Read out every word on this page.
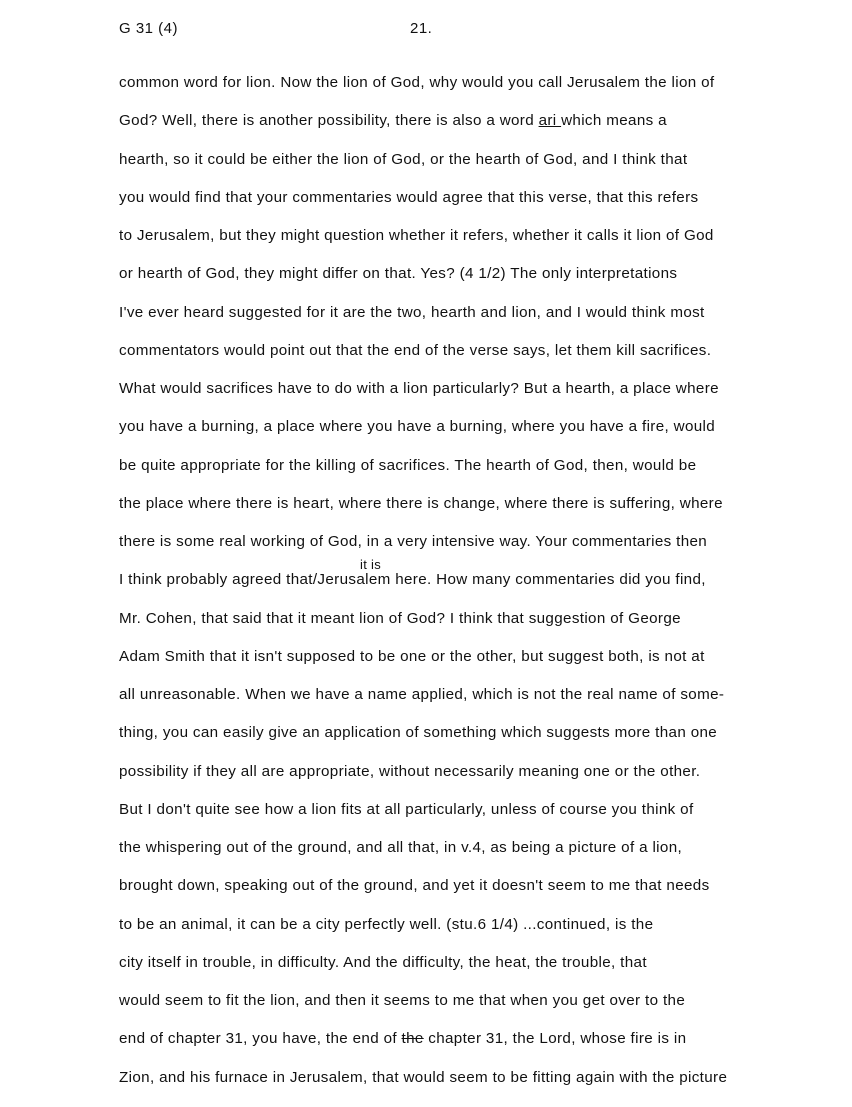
G 31 (4)	21.
common word for lion. Now the lion of God, why would you call Jerusalem the lion of
God? Well, there is another possibility, there is also a word ari which means a
hearth, so it could be either the lion of God, or the hearth of God, and I think that
you would find that your commentaries would agree that this verse, that this refers
to Jerusalem, but they might question whether it refers, whether it calls it lion of God
or hearth of God, they might differ on that. Yes? (4 1/2) The only interpretations
I've ever heard suggested for it are the two, hearth and lion, and I would think most
commentators would point out that the end of the verse says, let them kill sacrifices.
What would sacrifices have to do with a lion particularly? But a hearth, a place where
you have a burning, a place where you have a burning, where you have a fire, would
be quite appropriate for the killing of sacrifices. The hearth of God, then, would be
the place where there is heart, where there is change, where there is suffering, where
there is some real working of God, in a very intensive way. Your commentaries then
I think probably agreed that/Jerusalem here. How many commentaries did you find,
Mr. Cohen, that said that it meant lion of God? I think that suggestion of George
Adam Smith that it isn't supposed to be one or the other, but suggest both, is not at
all unreasonable. When we have a name applied, which is not the real name of some-
thing, you can easily give an application of something which suggests more than one
possibility if they all are appropriate, without necessarily meaning one or the other.
But I don't quite see how a lion fits at all particularly, unless of course you think of
the whispering out of the ground, and all that, in v.4, as being a picture of a lion,
brought down, speaking out of the ground, and yet it doesn't seem to me that needs
to be an animal, it can be a city perfectly well. (stu.6 1/4) ...continued, is the
city itself in trouble, in difficulty. And the difficulty, the heat, the trouble, that
would seem to fit the lion, and then it seems to me that when you get over to the
end of chapter 31, you have, the end of the chapter 31, the Lord, whose fire is in
Zion, and his furnace in Jerusalem, that would seem to be fitting again with the picture
it is
